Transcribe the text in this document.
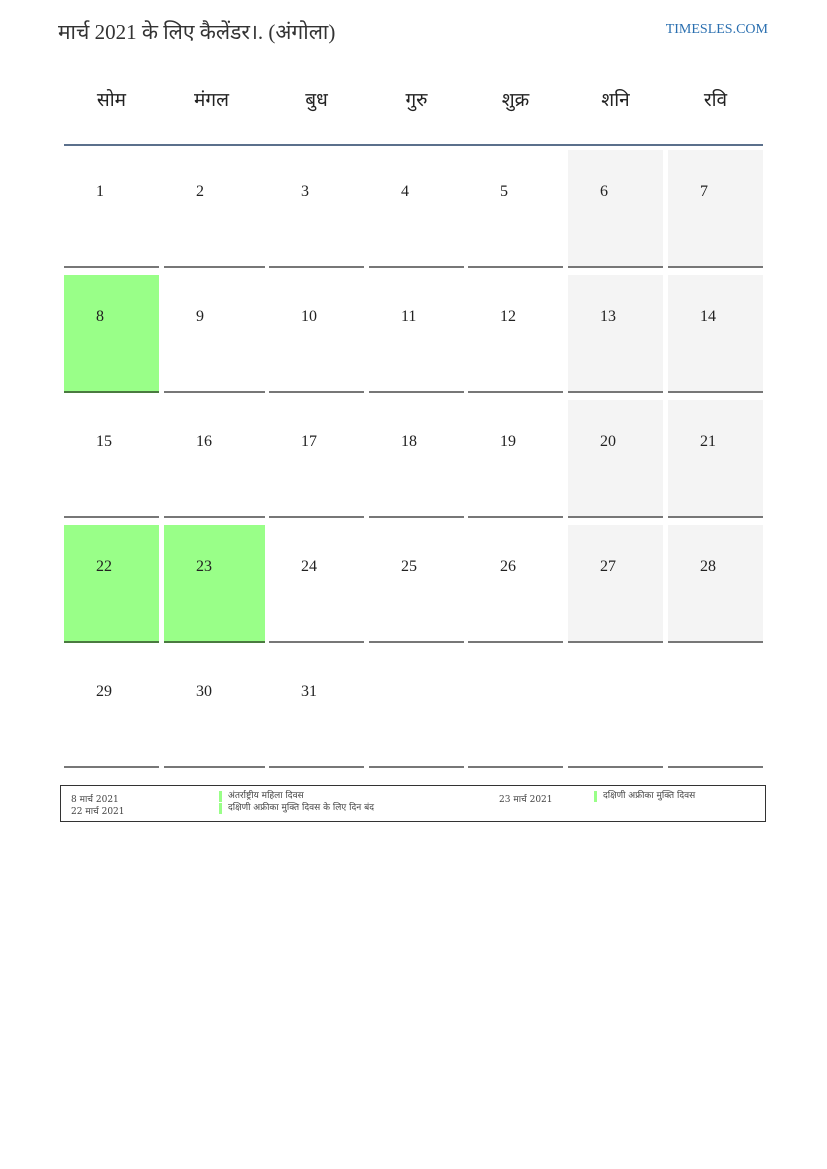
मार्च 2021 के लिए कैलेंडर।. (अंगोला)	TIMESLES.COM
सोम	मंगल	बुध	गुरु	शुक्र	शनि	रवि
1	2	3	4	5	6	7
8	9	10	11	12	13	14
15	16	17	18	19	20	21
22	23	24	25	26	27	28
29	30	31
8 मार्च 2021	अंतर्राष्ट्रीय महिला दिवस
22 मार्च 2021	दक्षिणी अफ्रीका मुक्ति दिवस के लिए दिन बंद
23 मार्च 2021	दक्षिणी अफ्रीका मुक्ति दिवस
